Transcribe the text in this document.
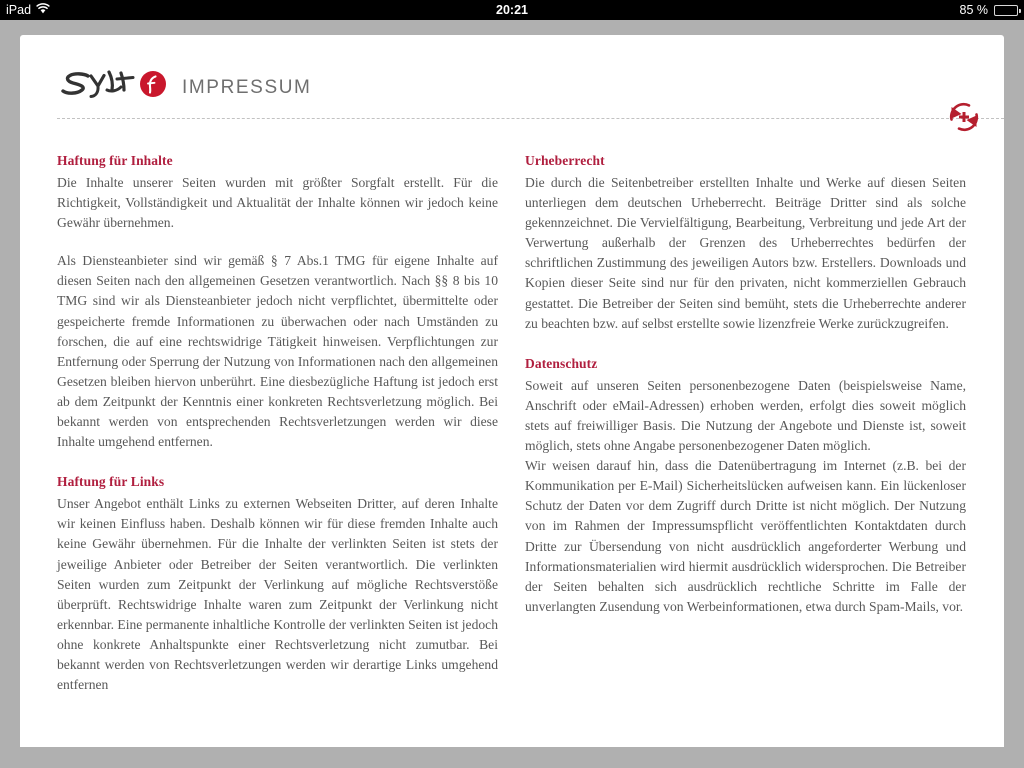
iPad	20:21	85 %
IMPRESSUM
Haftung für Inhalte

Die Inhalte unserer Seiten wurden mit größter Sorgfalt erstellt. Für die Richtigkeit, Vollständigkeit und Aktualität der Inhalte können wir jedoch keine Gewähr übernehmen.

Als Diensteanbieter sind wir gemäß § 7 Abs.1 TMG für eigene Inhalte auf diesen Seiten nach den allgemeinen Gesetzen verantwortlich. Nach §§ 8 bis 10 TMG sind wir als Diensteanbieter jedoch nicht verpflichtet, übermittelte oder gespeicherte fremde Informationen zu überwachen oder nach Umständen zu forschen, die auf eine rechtswidrige Tätigkeit hinweisen. Verpflichtungen zur Entfernung oder Sperrung der Nutzung von Informationen nach den allgemeinen Gesetzen bleiben hiervon unberührt. Eine diesbezügliche Haftung ist jedoch erst ab dem Zeitpunkt der Kenntnis einer konkreten Rechtsverletzung möglich. Bei bekannt werden von entsprechenden Rechtsverletzungen werden wir diese Inhalte umgehend entfernen.

Haftung für Links

Unser Angebot enthält Links zu externen Webseiten Dritter, auf deren Inhalte wir keinen Einfluss haben. Deshalb können wir für diese fremden Inhalte auch keine Gewähr übernehmen. Für die Inhalte der verlinkten Seiten ist stets der jeweilige Anbieter oder Betreiber der Seiten verantwortlich. Die verlinkten Seiten wurden zum Zeitpunkt der Verlinkung auf mögliche Rechtsverstöße überprüft. Rechtswidrige Inhalte waren zum Zeitpunkt der Verlinkung nicht erkennbar. Eine permanente inhaltliche Kontrolle der verlinkten Seiten ist jedoch ohne konkrete Anhaltspunkte einer Rechtsverletzung nicht zumutbar. Bei bekannt werden von Rechtsverletzungen werden wir derartige Links umgehend entfernen

Urheberrecht

Die durch die Seitenbetreiber erstellten Inhalte und Werke auf diesen Seiten unterliegen dem deutschen Urheberrecht. Beiträge Dritter sind als solche gekennzeichnet. Die Vervielfältigung, Bearbeitung, Verbreitung und jede Art der Verwertung außerhalb der Grenzen des Urheberrechtes bedürfen der schriftlichen Zustimmung des jeweiligen Autors bzw. Erstellers. Downloads und Kopien dieser Seite sind nur für den privaten, nicht kommerziellen Gebrauch gestattet. Die Betreiber der Seiten sind bemüht, stets die Urheberrechte anderer zu beachten bzw. auf selbst erstellte sowie lizenzfreie Werke zurückzugreifen.

Datenschutz

Soweit auf unseren Seiten personenbezogene Daten (beispielsweise Name, Anschrift oder eMail-Adressen) erhoben werden, erfolgt dies soweit möglich stets auf freiwilliger Basis. Die Nutzung der Angebote und Dienste ist, soweit möglich, stets ohne Angabe personenbezogener Daten möglich.

Wir weisen darauf hin, dass die Datenübertragung im Internet (z.B. bei der Kommunikation per E-Mail) Sicherheitslücken aufweisen kann. Ein lückenloser Schutz der Daten vor dem Zugriff durch Dritte ist nicht möglich. Der Nutzung von im Rahmen der Impressumspflicht veröffentlichten Kontaktdaten durch Dritte zur Übersendung von nicht ausdrücklich angeforderter Werbung und Informationsmaterialien wird hiermit ausdrücklich widersprochen. Die Betreiber der Seiten behalten sich ausdrücklich rechtliche Schritte im Falle der unverlangten Zusendung von Werbeinformationen, etwa durch Spam-Mails, vor.
